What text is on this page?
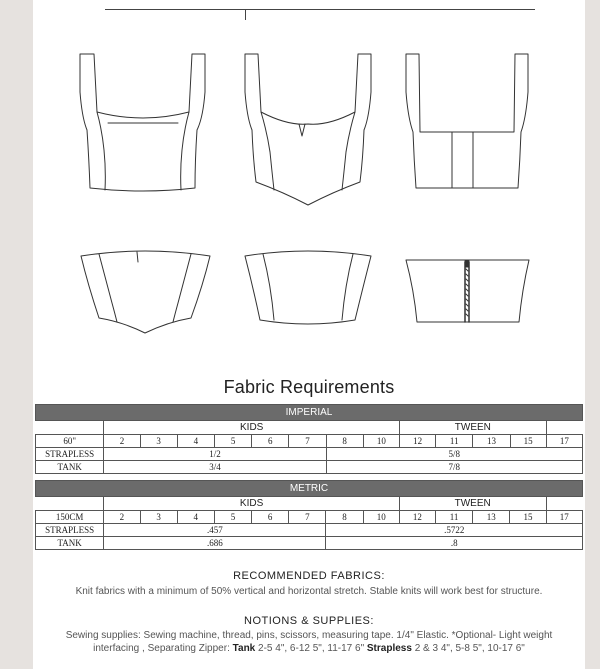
Fabric Requirements
IMPERIAL													
	KIDS								TWEEN				
60"	2	3	4	5	6	7	8	10	12	11	13	15	17
STRAPLESS	1/2						5/8						
TANK	3/4						7/8						
METRIC													
	KIDS								TWEEN				
150CM	2	3	4	5	6	7	8	10	12	11	13	15	17
STRAPLESS	.457						.5722						
TANK	.686						.8						
RECOMMENDED FABRICS:
Knit fabrics with a minimum of 50% vertical and horizontal stretch. Stable knits will work best for structure.
NOTIONS & SUPPLIES:
Sewing supplies: Sewing machine, thread, pins, scissors, measuring tape. 1/4" Elastic. *Optional- Light weight
interfacing , Separating Zipper: Tank 2-5 4", 6-12 5", 11-17 6" Strapless 2 & 3 4", 5-8 5", 10-17 6"
